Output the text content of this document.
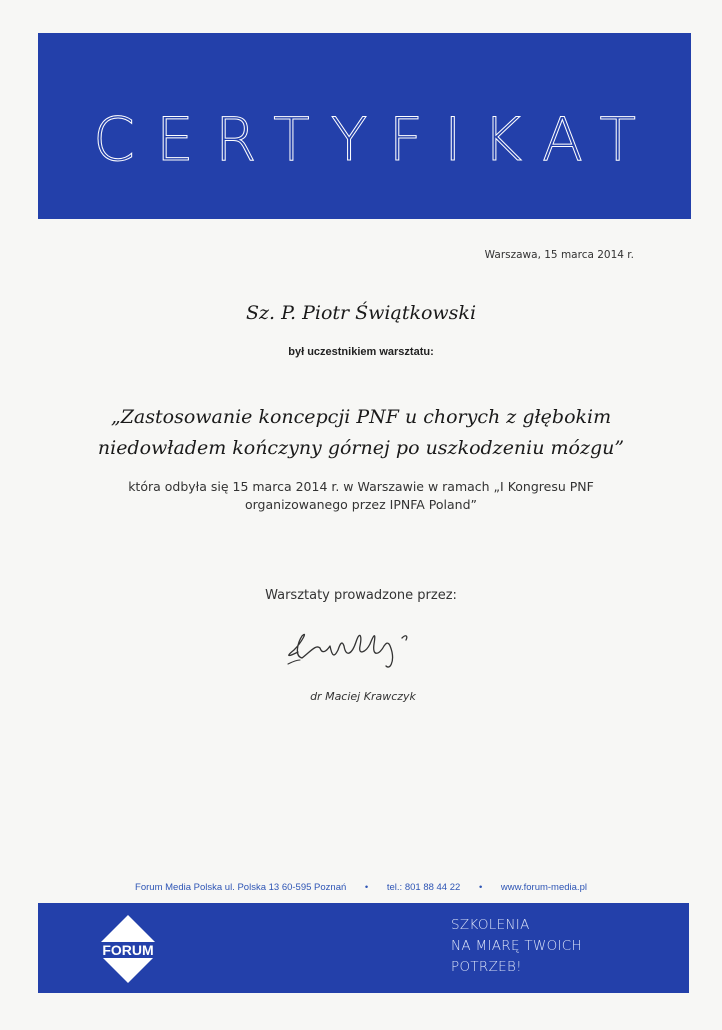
CERTYFIKAT
Warszawa, 15 marca 2014 r.
Sz. P. Piotr Świątkowski
był uczestnikiem warsztatu:
„Zastosowanie koncepcji PNF u chorych z głębokim
niedowładem kończyny górnej po uszkodzeniu mózgu”
która odbyła się 15 marca 2014 r. w Warszawie w ramach „I Kongresu PNF
organizowanego przez IPNFA Poland”
Warsztaty prowadzone przez:
dr Maciej Krawczyk
Forum Media Polska ul. Polska 13 60-595 Poznań • tel.: 801 88 44 22 • www.forum-media.pl
FORUM
SZKOLENIA
NA MIARĘ TWOICH
POTRZEB!
